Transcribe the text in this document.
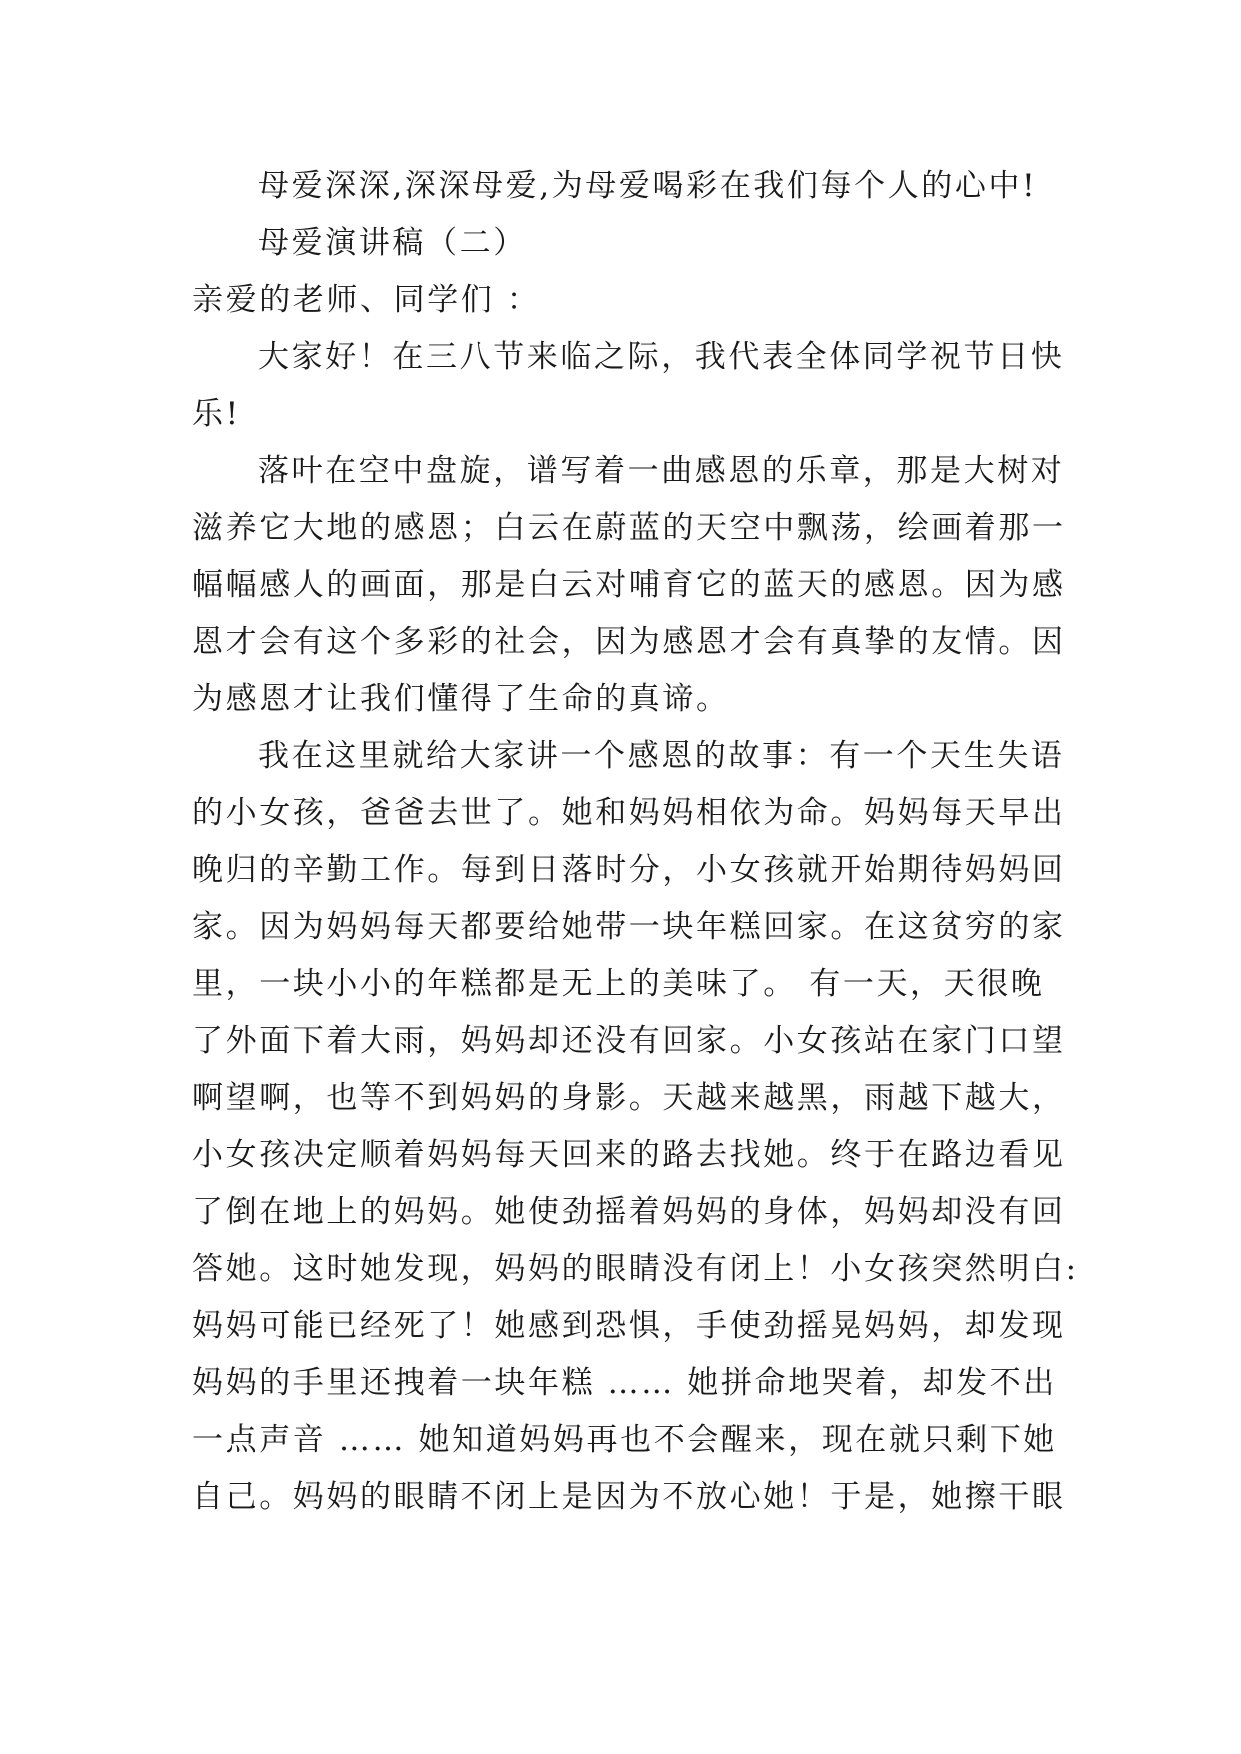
母爱深深,深深母爱,为母爱喝彩在我们每个人的心中!
母爱演讲稿（二）
亲爱的老师、同学们 ：
大家好！在三八节来临之际，我代表全体同学祝节日快
乐!
落叶在空中盘旋，谱写着一曲感恩的乐章，那是大树对
滋养它大地的感恩；白云在蔚蓝的天空中飘荡，绘画着那一
幅幅感人的画面，那是白云对哺育它的蓝天的感恩。因为感
恩才会有这个多彩的社会，因为感恩才会有真挚的友情。因
为感恩才让我们懂得了生命的真谛。
我在这里就给大家讲一个感恩的故事：有一个天生失语
的小女孩，爸爸去世了。她和妈妈相依为命。妈妈每天早出
晚归的辛勤工作。每到日落时分，小女孩就开始期待妈妈回
家。因为妈妈每天都要给她带一块年糕回家。在这贫穷的家
里，一块小小的年糕都是无上的美味了。 有一天，天很晚
了外面下着大雨，妈妈却还没有回家。小女孩站在家门口望
啊望啊，也等不到妈妈的身影。天越来越黑，雨越下越大，
小女孩决定顺着妈妈每天回来的路去找她。终于在路边看见
了倒在地上的妈妈。她使劲摇着妈妈的身体，妈妈却没有回
答她。这时她发现，妈妈的眼睛没有闭上！小女孩突然明白:
妈妈可能已经死了！她感到恐惧，手使劲摇晃妈妈，却发现
妈妈的手里还拽着一块年糕 …… 她拼命地哭着，却发不出
一点声音 …… 她知道妈妈再也不会醒来，现在就只剩下她
自己。妈妈的眼睛不闭上是因为不放心她！于是，她擦干眼
